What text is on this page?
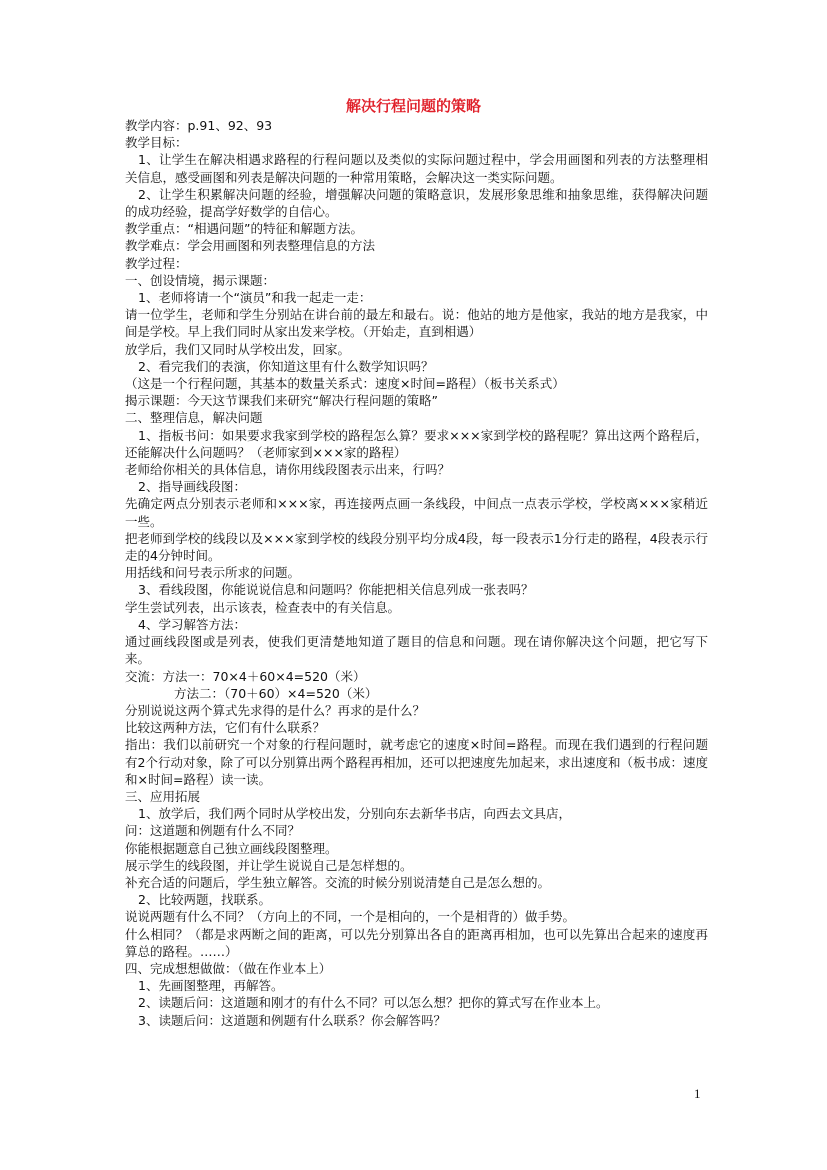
解决行程问题的策略

教学内容：p.91、92、93

教学目标：

1、让学生在解决相遇求路程的行程问题以及类似的实际问题过程中，学会用画图和列表的方法整理相关信息，感受画图和列表是解决问题的一种常用策略，会解决这一类实际问题。

2、让学生积累解决问题的经验，增强解决问题的策略意识，发展形象思维和抽象思维，获得解决问题的成功经验，提高学好数学的自信心。

教学重点：“相遇问题”的特征和解题方法。

教学难点：学会用画图和列表整理信息的方法

教学过程：

一、创设情境，揭示课题：

1、老师将请一个“演员”和我一起走一走：

请一位学生，老师和学生分别站在讲台前的最左和最右。说：他站的地方是他家，我站的地方是我家，中间是学校。早上我们同时从家出发来学校。（开始走，直到相遇）

放学后，我们又同时从学校出发，回家。

2、看完我们的表演，你知道这里有什么数学知识吗？

（这是一个行程问题，其基本的数量关系式：速度×时间=路程）（板书关系式）

揭示课题：今天这节课我们来研究“解决行程问题的策略”

二、整理信息，解决问题

1、指板书问：如果要求我家到学校的路程怎么算？要求×××家到学校的路程呢？算出这两个路程后，还能解决什么问题吗？（老师家到×××家的路程）

老师给你相关的具体信息，请你用线段图表示出来，行吗？

2、指导画线段图：

先确定两点分别表示老师和×××家，再连接两点画一条线段，中间点一点表示学校，学校离×××家稍近一些。

把老师到学校的线段以及×××家到学校的线段分别平均分成4段，每一段表示1分行走的路程，4段表示行走的4分钟时间。

用括线和问号表示所求的问题。

3、看线段图，你能说说信息和问题吗？你能把相关信息列成一张表吗？

学生尝试列表，出示该表，检查表中的有关信息。

4、学习解答方法：

通过画线段图或是列表，使我们更清楚地知道了题目的信息和问题。现在请你解决这个问题，把它写下来。

交流：方法一：70×4＋60×4=520（米）

方法二：（70＋60）×4=520（米）

分别说说这两个算式先求得的是什么？再求的是什么？

比较这两种方法，它们有什么联系？

指出：我们以前研究一个对象的行程问题时，就考虑它的速度×时间=路程。而现在我们遇到的行程问题有2个行动对象，除了可以分别算出两个路程再相加，还可以把速度先加起来，求出速度和（板书成：速度和×时间=路程）读一读。

三、应用拓展

1、放学后，我们两个同时从学校出发，分别向东去新华书店，向西去文具店，

问：这道题和例题有什么不同？

你能根据题意自己独立画线段图整理。

展示学生的线段图，并让学生说说自己是怎样想的。

补充合适的问题后，学生独立解答。交流的时候分别说清楚自己是怎么想的。

2、比较两题，找联系。

说说两题有什么不同？（方向上的不同，一个是相向的，一个是相背的）做手势。

什么相同？（都是求两断之间的距离，可以先分别算出各自的距离再相加，也可以先算出合起来的速度再算总的路程。……）

四、完成想想做做：（做在作业本上）

1、先画图整理，再解答。

2、读题后问：这道题和刚才的有什么不同？可以怎么想？把你的算式写在作业本上。

3、读题后问：这道题和例题有什么联系？你会解答吗？

1
